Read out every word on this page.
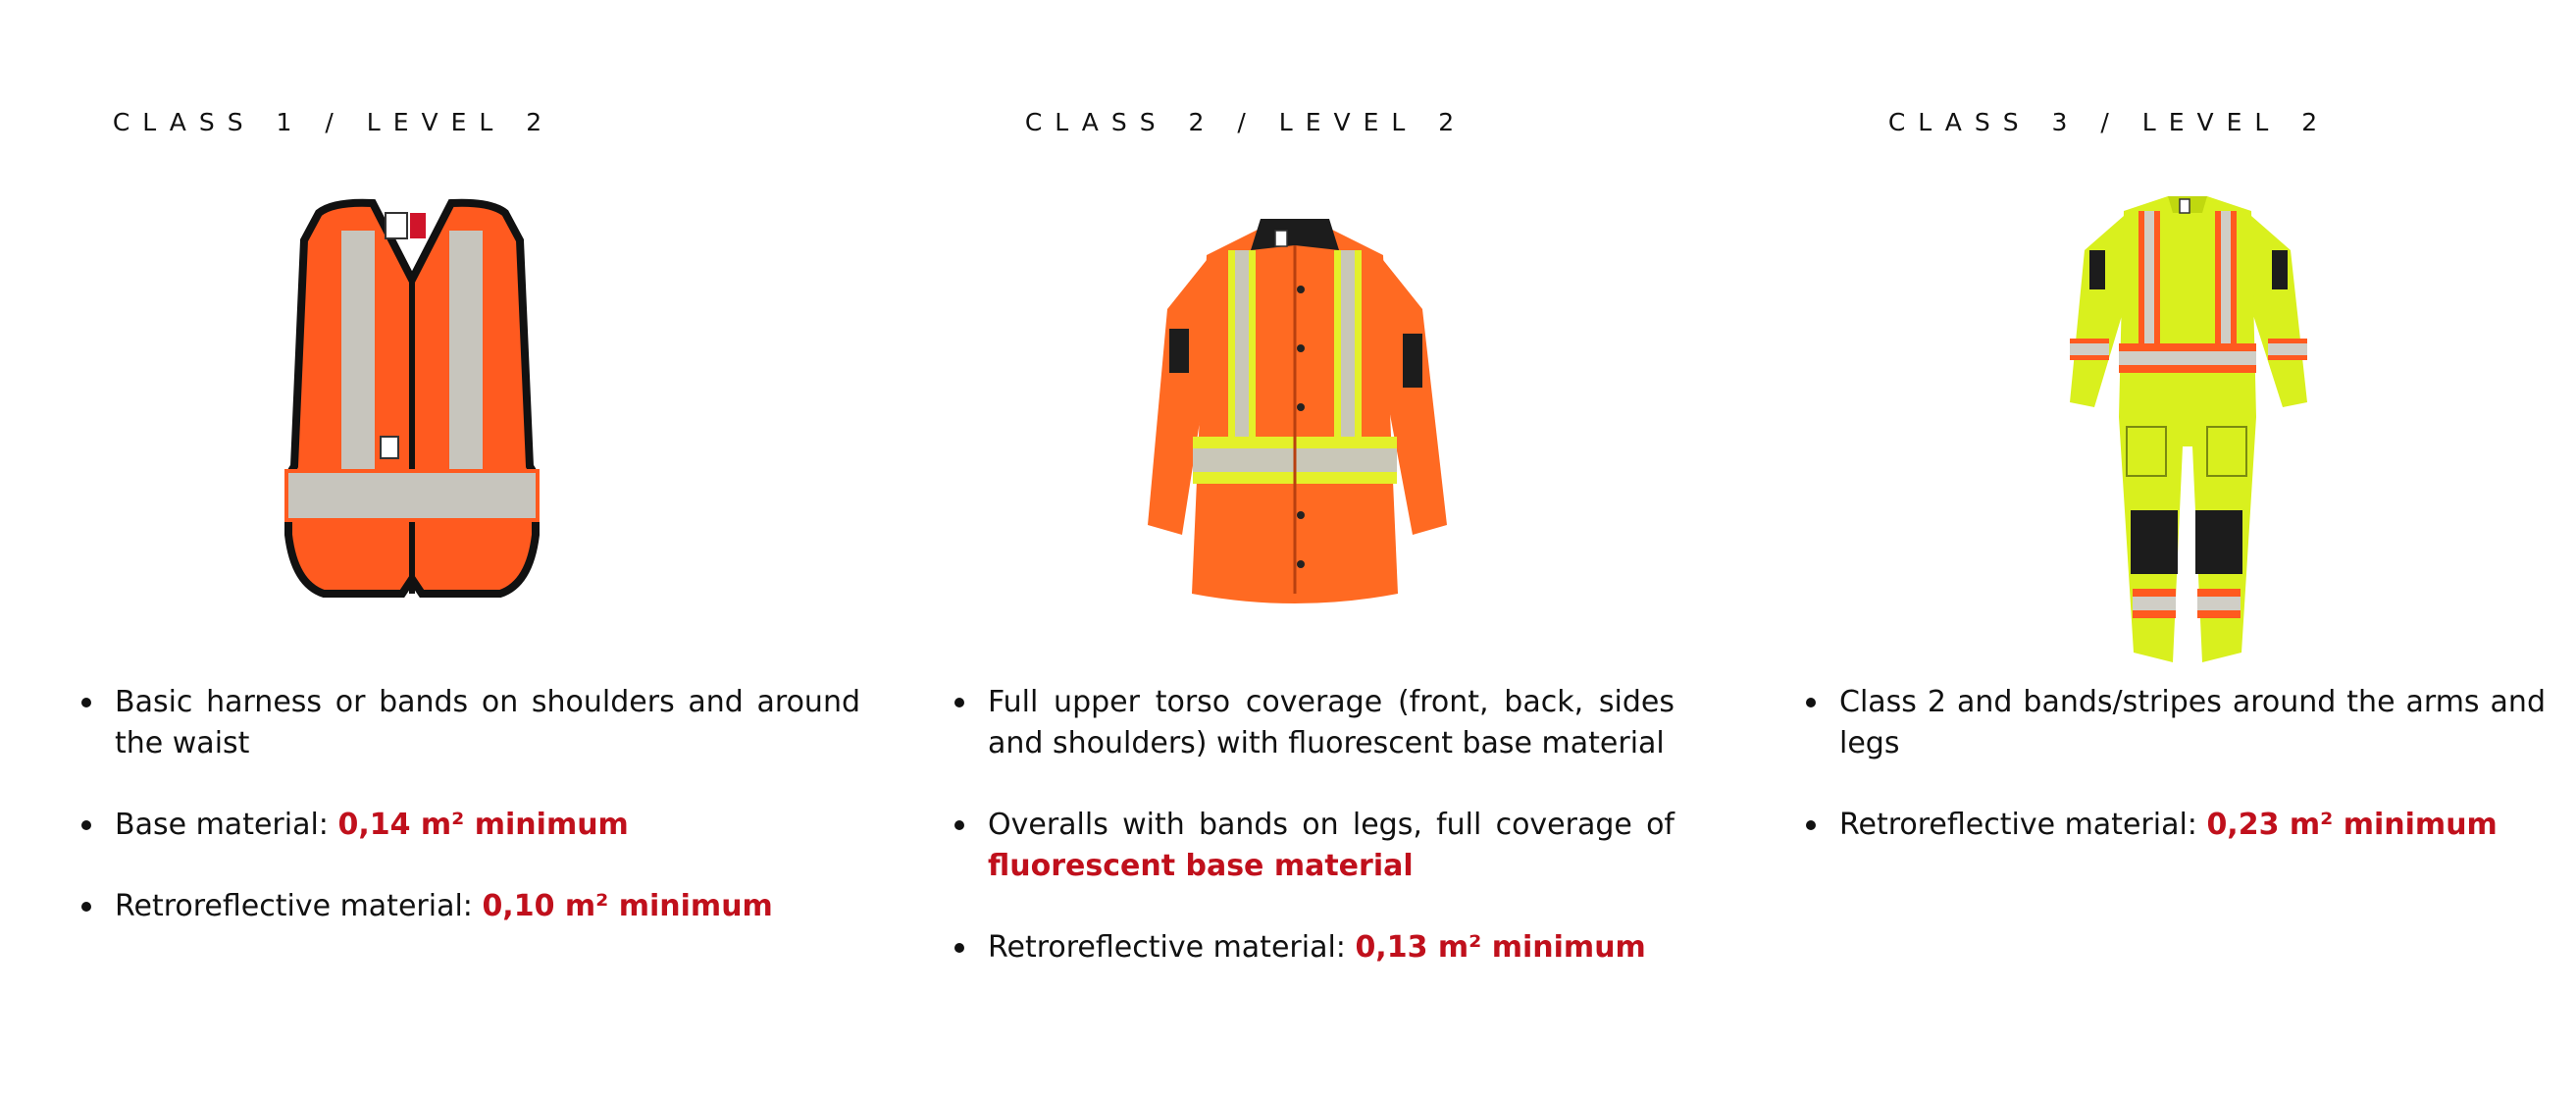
CLASS 1 / LEVEL 2
Basic harness or bands on shoulders and around the waist
Base material: 0,14 m² minimum
Retroreflective material: 0,10 m² minimum
CLASS 2 / LEVEL 2
Full upper torso coverage (front, back, sides and shoulders) with fluorescent base material
Overalls with bands on legs, full coverage of fluorescent base material
Retroreflective material: 0,13 m² minimum
CLASS 3 / LEVEL 2
Class 2 and bands/stripes around the arms and legs
Retroreflective material: 0,23 m² minimum
